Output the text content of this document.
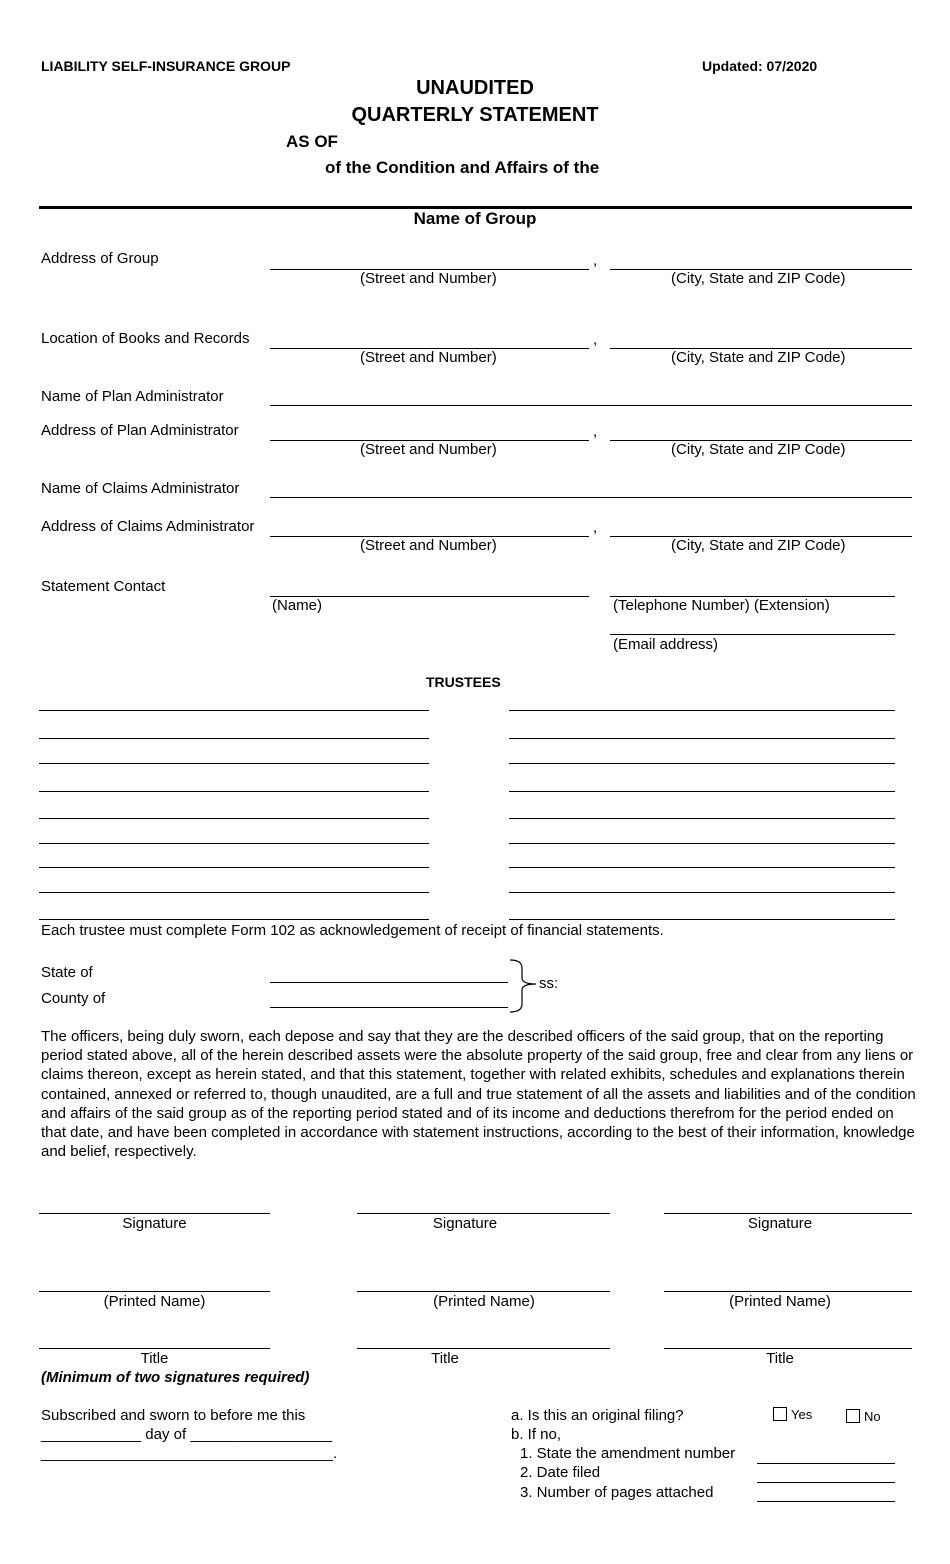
LIABILITY SELF-INSURANCE GROUP	Updated: 07/2020
UNAUDITED
QUARTERLY STATEMENT
AS OF
of the Condition and Affairs of the
Name of Group
Address of Group	,
(Street and Number)	(City, State and ZIP Code)
Location of Books and Records	,
(Street and Number)	(City, State and ZIP Code)
Name of Plan Administrator
Address of Plan Administrator	,
(Street and Number)	(City, State and ZIP Code)
Name of Claims Administrator
Address of Claims Administrator	,
(Street and Number)	(City, State and ZIP Code)
Statement Contact
(Name)	(Telephone Number) (Extension)
(Email address)
TRUSTEES
Each trustee must complete Form 102 as acknowledgement of receipt of financial statements.
State of
County of
ss:
The officers, being duly sworn, each depose and say that they are the described officers of the said group, that on the reporting period stated above, all of the herein described assets were the absolute property of the said group, free and clear from any liens or claims thereon, except as herein stated, and that this statement, together with related exhibits, schedules and explanations therein contained, annexed or referred to, though unaudited, are a full and true statement of all the assets and liabilities and of the condition and affairs of the said group as of the reporting period stated and of its income and deductions therefrom for the period ended on that date, and have been completed in accordance with statement instructions, according to the best of their information, knowledge and belief, respectively.
Signature	Signature	Signature
(Printed Name)	(Printed Name)	(Printed Name)
Title	Title	Title
(Minimum of two signatures required)
Subscribed and sworn to before me this
____________ day of _________________
___________________________________.
a. Is this an original filing?	Yes	No
b. If no,
1. State the amendment number
2. Date filed
3. Number of pages attached
